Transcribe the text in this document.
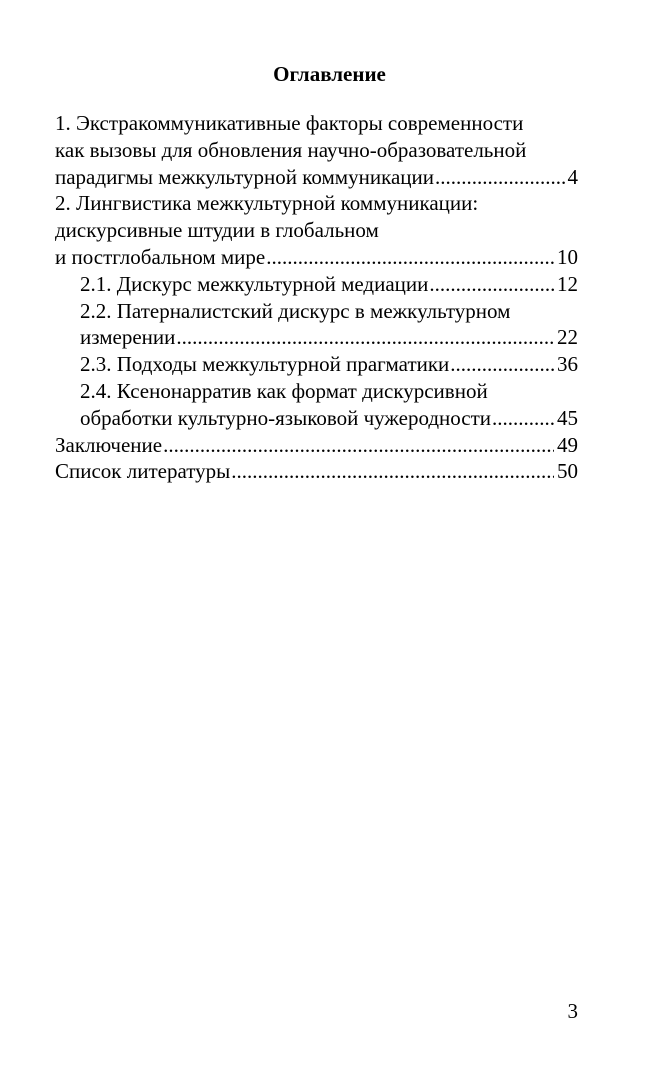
Оглавление
1. Экстракоммуникативные факторы современности
как вызовы для обновления научно-образовательной
парадигмы межкультурной коммуникации .....	4
2. Лингвистика межкультурной коммуникации:
дискурсивные штудии в глобальном
и постглобальном мире .....	10
2.1. Дискурс межкультурной медиации .....	12
2.2. Патерналистский дискурс в межкультурном
измерении .....	22
2.3. Подходы межкультурной прагматики .....	36
2.4. Ксенонарратив как формат дискурсивной
обработки культурно-языковой чужеродности .....	45
Заключение .....	49
Список литературы .....	50
3
